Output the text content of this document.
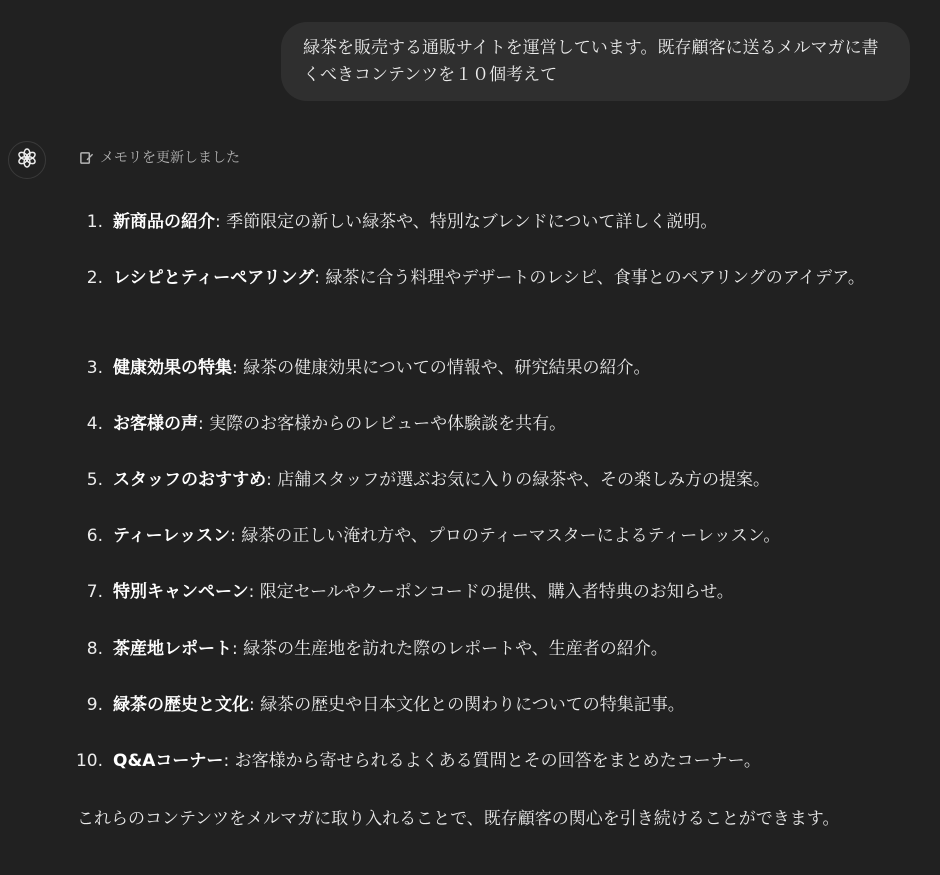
緑茶を販売する通販サイトを運営しています。既存顧客に送るメルマガに書くべきコンテンツを１０個考えて
メモリを更新しました
1. 新商品の紹介: 季節限定の新しい緑茶や、特別なブレンドについて詳しく説明。
2. レシピとティーペアリング: 緑茶に合う料理やデザートのレシピ、食事とのペアリングのアイデア。
3. 健康効果の特集: 緑茶の健康効果についての情報や、研究結果の紹介。
4. お客様の声: 実際のお客様からのレビューや体験談を共有。
5. スタッフのおすすめ: 店舗スタッフが選ぶお気に入りの緑茶や、その楽しみ方の提案。
6. ティーレッスン: 緑茶の正しい淹れ方や、プロのティーマスターによるティーレッスン。
7. 特別キャンペーン: 限定セールやクーポンコードの提供、購入者特典のお知らせ。
8. 茶産地レポート: 緑茶の生産地を訪れた際のレポートや、生産者の紹介。
9. 緑茶の歴史と文化: 緑茶の歴史や日本文化との関わりについての特集記事。
10. Q&Aコーナー: お客様から寄せられるよくある質問とその回答をまとめたコーナー。

これらのコンテンツをメルマガに取り入れることで、既存顧客の関心を引き続けることができます。
